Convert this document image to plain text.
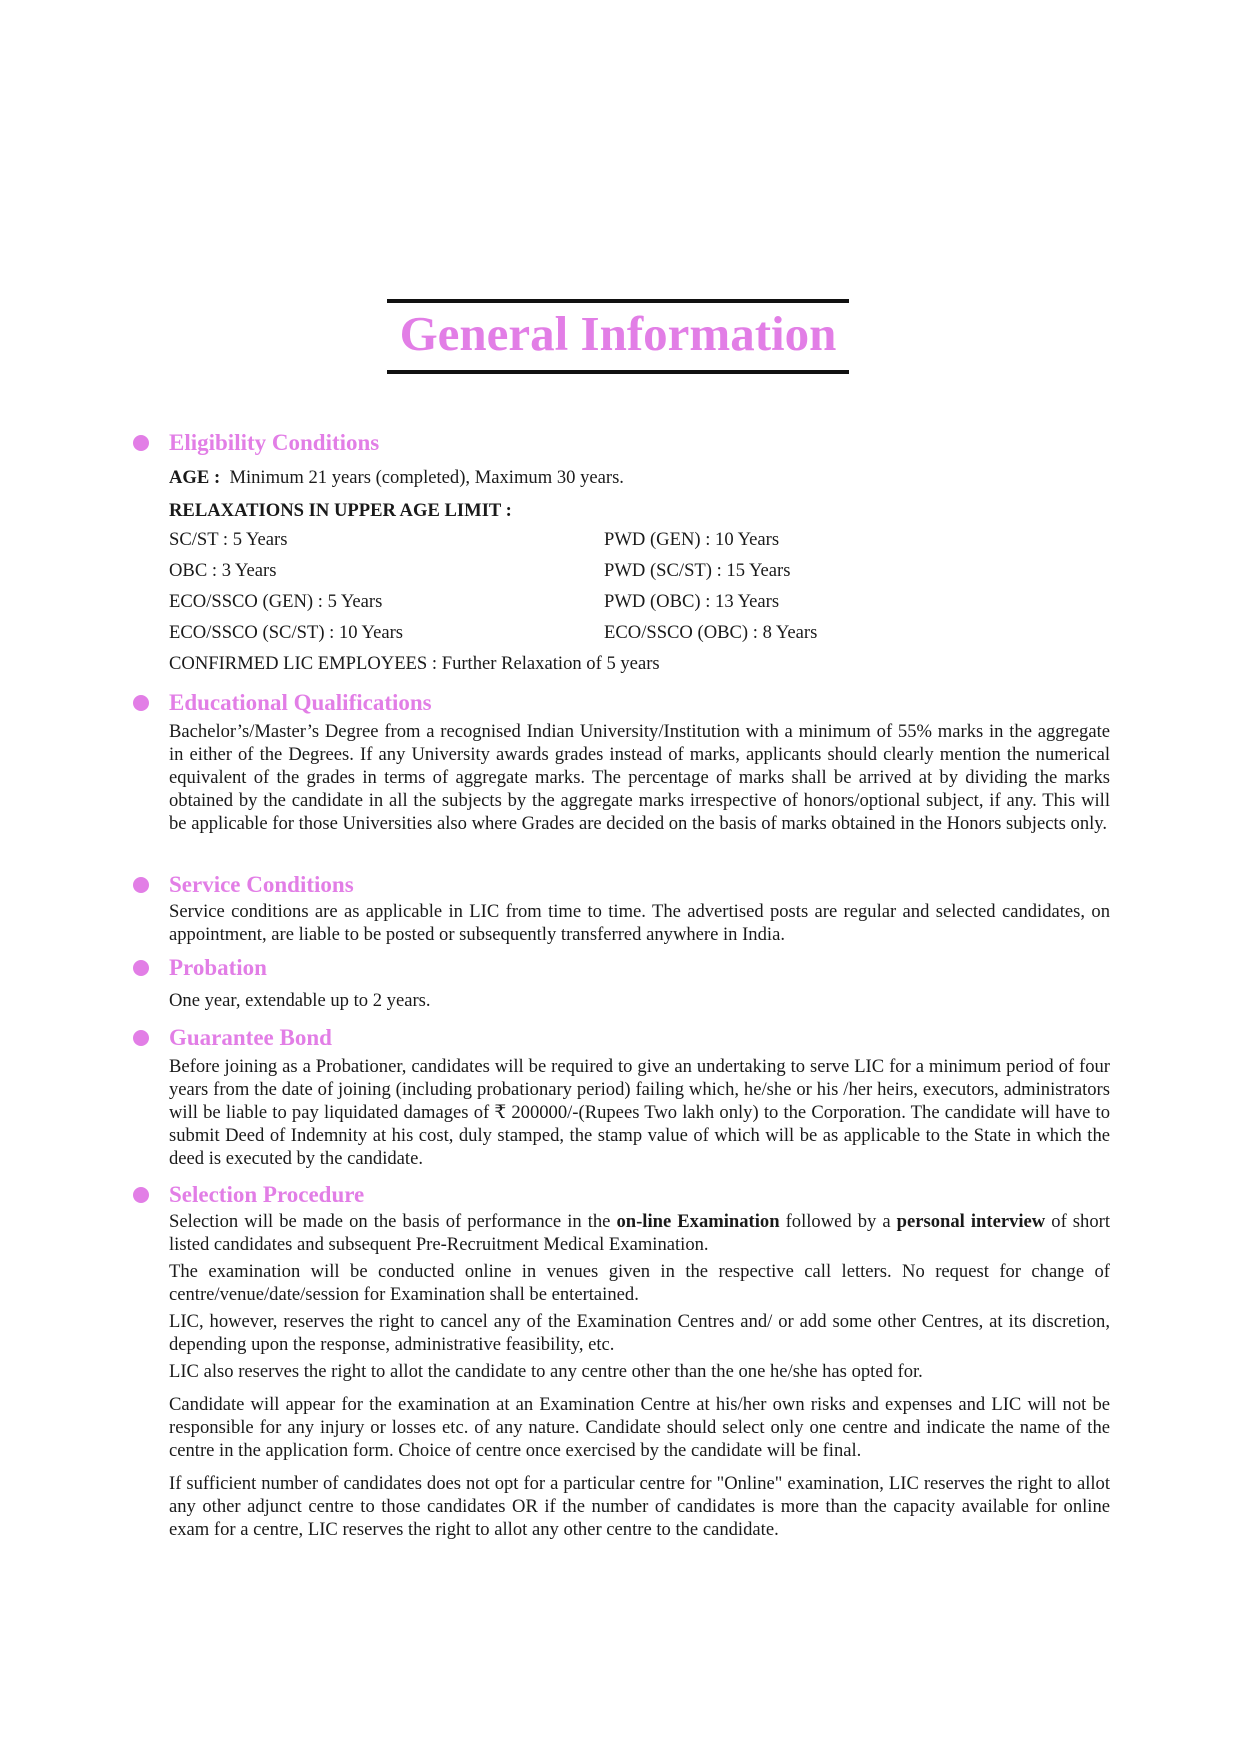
General Information
Eligibility Conditions
AGE : Minimum 21 years (completed), Maximum 30 years.
RELAXATIONS IN UPPER AGE LIMIT :
SC/ST : 5 Years	PWD (GEN) : 10 Years
OBC : 3 Years	PWD (SC/ST) : 15 Years
ECO/SSCO (GEN) : 5 Years	PWD (OBC) : 13 Years
ECO/SSCO (SC/ST) : 10 Years	ECO/SSCO (OBC) : 8 Years
CONFIRMED LIC EMPLOYEES : Further Relaxation of 5 years
Educational Qualifications
Bachelor’s/Master’s Degree from a recognised Indian University/Institution with a minimum of 55% marks in the aggregate in either of the Degrees. If any University awards grades instead of marks, applicants should clearly mention the numerical equivalent of the grades in terms of aggregate marks. The percentage of marks shall be arrived at by dividing the marks obtained by the candidate in all the subjects by the aggregate marks irrespective of honors/optional subject, if any. This will be applicable for those Universities also where Grades are decided on the basis of marks obtained in the Honors subjects only.
Service Conditions
Service conditions are as applicable in LIC from time to time. The advertised posts are regular and selected candidates, on appointment, are liable to be posted or subsequently transferred anywhere in India.
Probation
One year, extendable up to 2 years.
Guarantee Bond
Before joining as a Probationer, candidates will be required to give an undertaking to serve LIC for a minimum period of four years from the date of joining (including probationary period) failing which, he/she or his /her heirs, executors, administrators will be liable to pay liquidated damages of ₹ 200000/-(Rupees Two lakh only) to the Corporation. The candidate will have to submit Deed of Indemnity at his cost, duly stamped, the stamp value of which will be as applicable to the State in which the deed is executed by the candidate.
Selection Procedure

Selection will be made on the basis of performance in the on-line Examination followed by a personal interview of short listed candidates and subsequent Pre-Recruitment Medical Examination.

The examination will be conducted online in venues given in the respective call letters. No request for change of centre/venue/date/session for Examination shall be entertained.

LIC, however, reserves the right to cancel any of the Examination Centres and/ or add some other Centres, at its discretion, depending upon the response, administrative feasibility, etc.

LIC also reserves the right to allot the candidate to any centre other than the one he/she has opted for.

Candidate will appear for the examination at an Examination Centre at his/her own risks and expenses and LIC will not be responsible for any injury or losses etc. of any nature. Candidate should select only one centre and indicate the name of the centre in the application form. Choice of centre once exercised by the candidate will be final.

If sufficient number of candidates does not opt for a particular centre for "Online" examination, LIC reserves the right to allot any other adjunct centre to those candidates OR if the number of candidates is more than the capacity available for online exam for a centre, LIC reserves the right to allot any other centre to the candidate.
